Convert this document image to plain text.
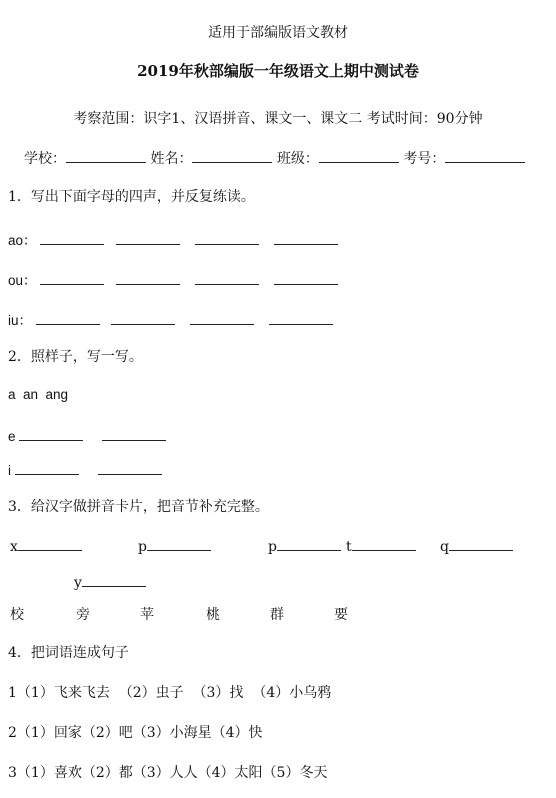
适用于部编版语文教材
2019年秋部编版一年级语文上期中测试卷
考察范围：识字1、汉语拼音、课文一、课文二 考试时间：90分钟
学校：	姓名：	班级：	考号：
1．写出下面字母的四声，并反复练读。
ao：
ou：
iu：
2．照样子，写一写。
a  an  ang
e
i
3．给汉字做拼音卡片，把音节补充完整。
x	p	p	t	q
y
校	旁	苹	桃	群	要
4．把词语连成句子
1（1）飞来飞去  （2）虫子  （3）找  （4）小乌鸦
2（1）回家（2）吧（3）小海星（4）快
3（1）喜欢（2）都（3）人人（4）太阳（5）冬天
